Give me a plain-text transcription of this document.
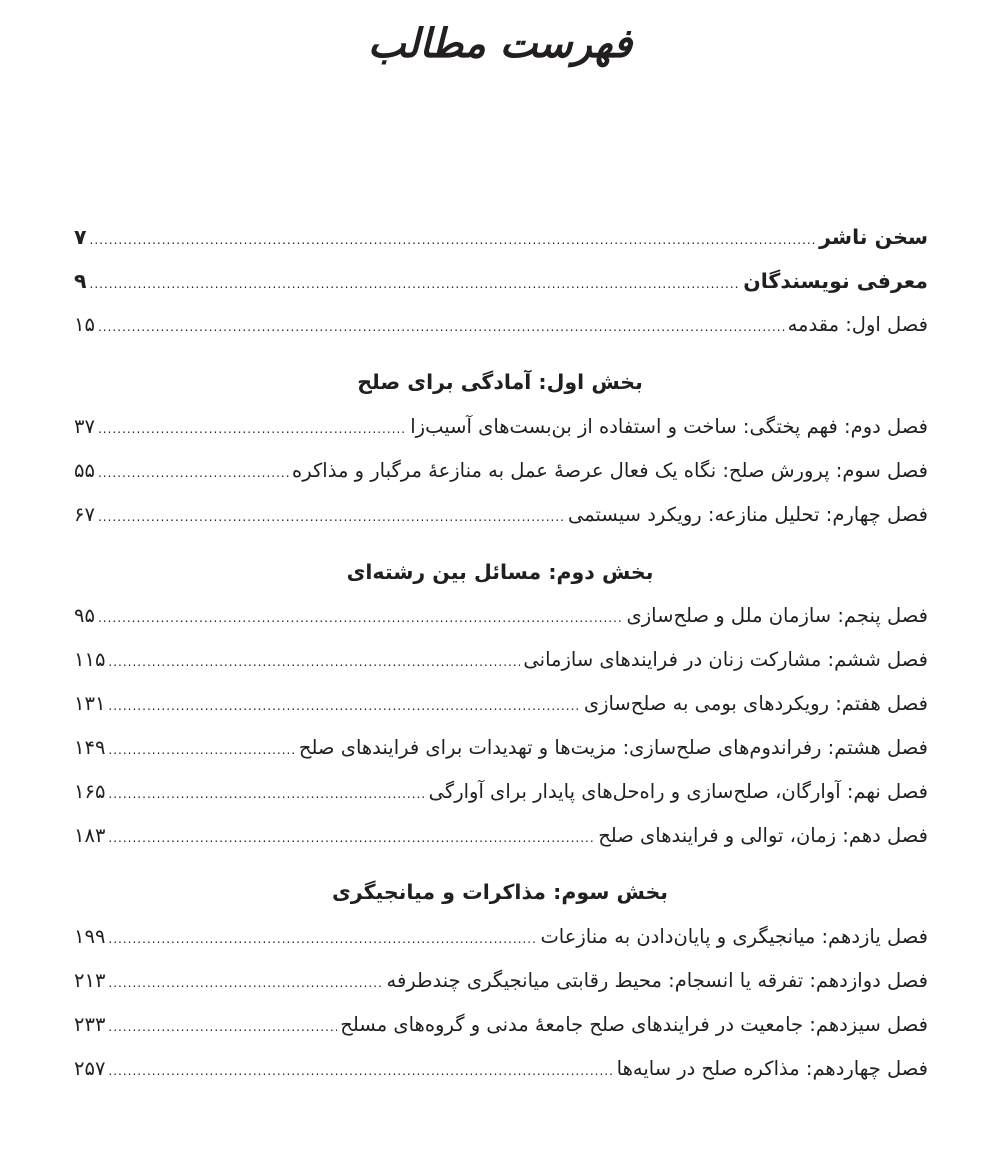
فهرست مطالب
سخن ناشر
.....
۷
معرفی نویسندگان
.....
۹
فصل اول: مقدمه
.....
۱۵
فصل دوم: فهم پختگی: ساخت و استفاده از بن‌بست‌های آسیب‌زا
.....
۳۷
فصل سوم: پرورش صلح: نگاه یک فعال عرصهٔ عمل به منازعهٔ مرگبار و مذاکره
.....
۵۵
فصل چهارم: تحلیل منازعه: رویکرد سیستمی
.....
۶۷
فصل پنجم: سازمان ملل و صلح‌سازی
.....
۹۵
فصل ششم: مشارکت زنان در فرایندهای سازمانی
.....
۱۱۵
فصل هفتم: رویکردهای بومی به صلح‌سازی
.....
۱۳۱
فصل هشتم: رفراندوم‌های صلح‌سازی: مزیت‌ها و تهدیدات برای فرایندهای صلح
.....
۱۴۹
فصل نهم: آوارگان، صلح‌سازی و راه‌حل‌های پایدار برای آوارگی
.....
۱۶۵
فصل دهم: زمان، توالی و فرایندهای صلح
.....
۱۸۳
فصل یازدهم: میانجیگری و پایان‌دادن به منازعات
.....
۱۹۹
فصل دوازدهم: تفرقه یا انسجام: محیط رقابتی میانجیگری چندطرفه
.....
۲۱۳
فصل سیزدهم: جامعیت در فرایندهای صلح جامعهٔ مدنی و گروه‌های مسلح
.....
۲۳۳
فصل چهاردهم: مذاکره صلح در سایه‌ها
.....
۲۵۷
بخش اول: آمادگی برای صلح
بخش دوم: مسائل بین رشته‌ای
بخش سوم: مذاکرات و میانجیگری
